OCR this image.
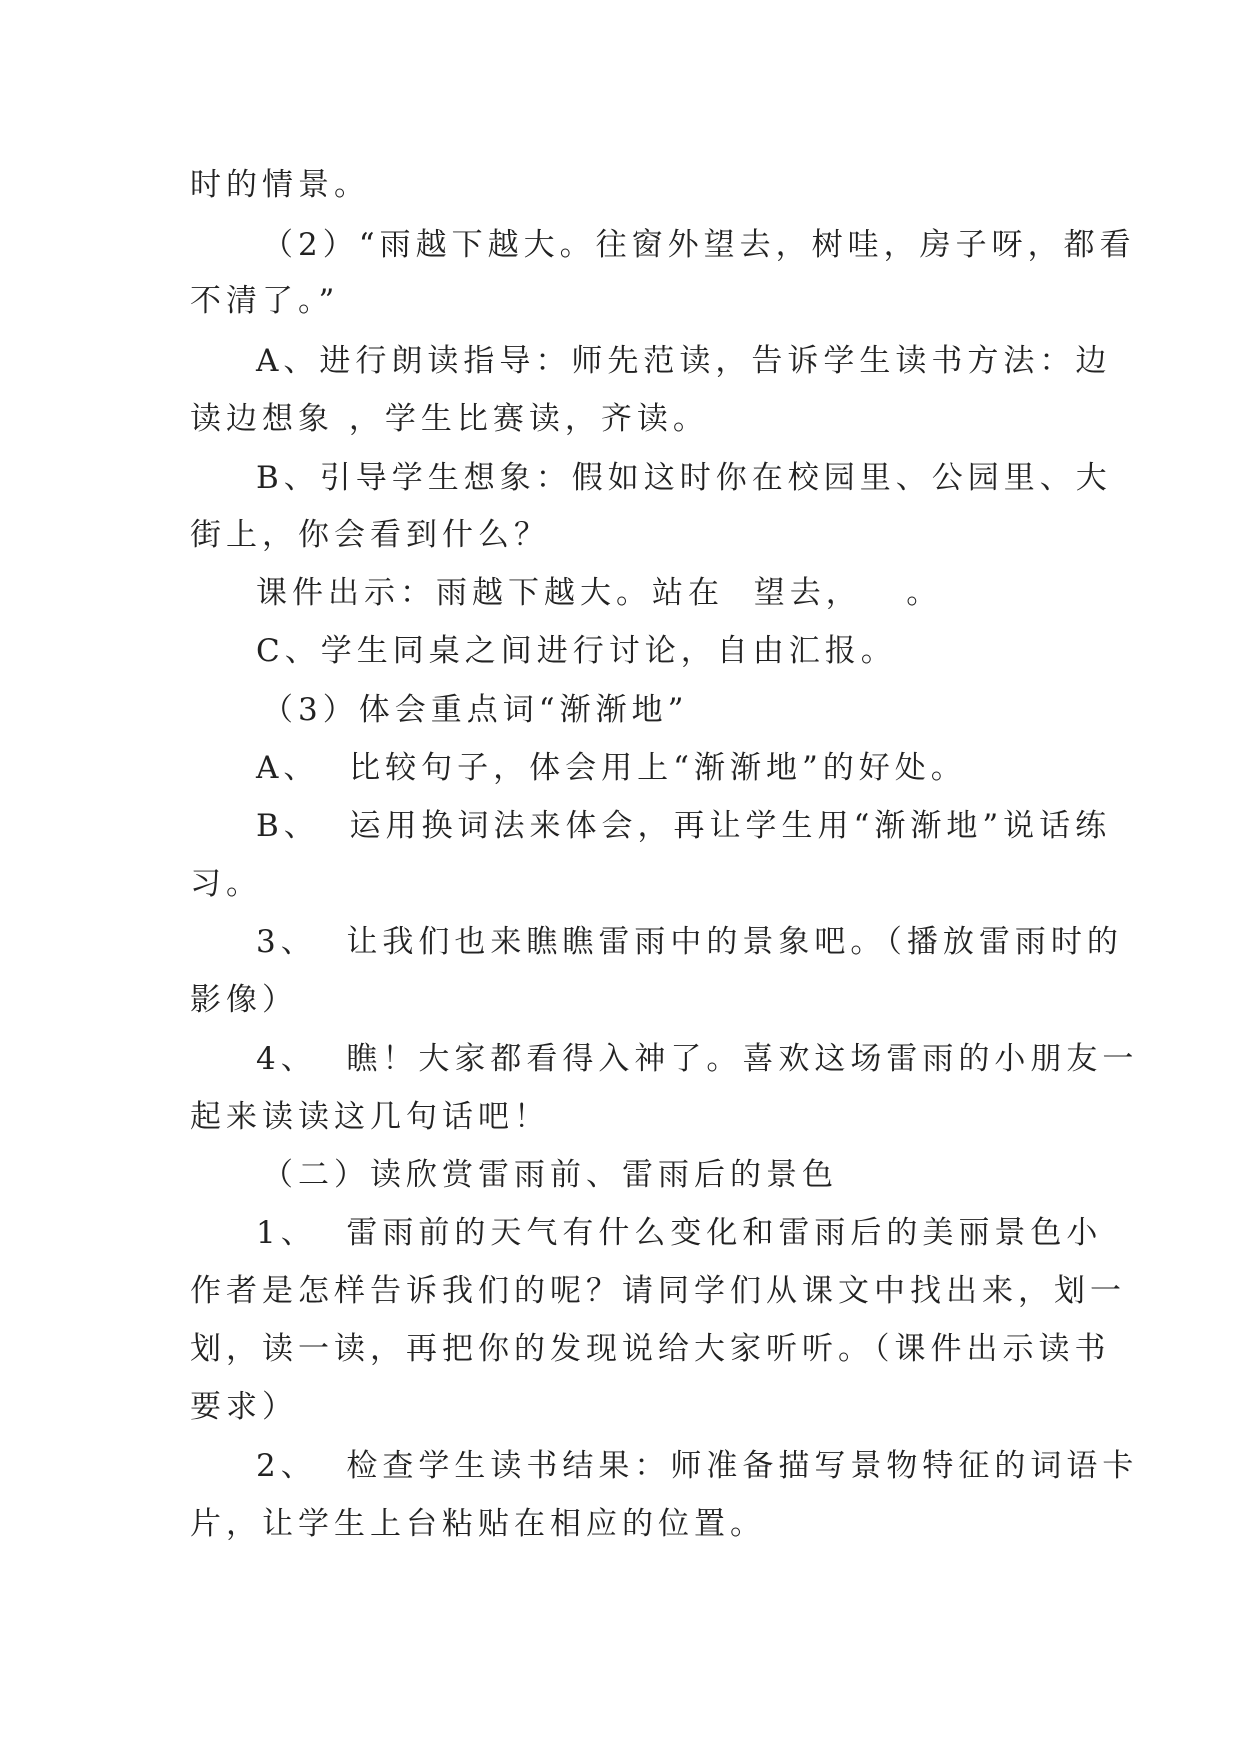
时的情景。
（2）“雨越下越大。往窗外望去，树哇，房子呀，都看
不清了。”
A、进行朗读指导：师先范读，告诉学生读书方法：边
读边想象 ，学生比赛读，齐读。
B、引导学生想象：假如这时你在校园里、公园里、大
街上，你会看到什么？
课件出示：雨越下越大。站在  望去，   。
C、学生同桌之间进行讨论，自由汇报。
（3）体会重点词“渐渐地”
A、  比较句子，体会用上“渐渐地”的好处。
B、  运用换词法来体会，再让学生用“渐渐地”说话练
习。
3、  让我们也来瞧瞧雷雨中的景象吧。（播放雷雨时的
影像）
4、  瞧！大家都看得入神了。喜欢这场雷雨的小朋友一
起来读读这几句话吧！
（二）读欣赏雷雨前、雷雨后的景色
1、  雷雨前的天气有什么变化和雷雨后的美丽景色小
作者是怎样告诉我们的呢？请同学们从课文中找出来，划一
划，读一读，再把你的发现说给大家听听。（课件出示读书
要求）
2、  检查学生读书结果：师准备描写景物特征的词语卡
片，让学生上台粘贴在相应的位置。
